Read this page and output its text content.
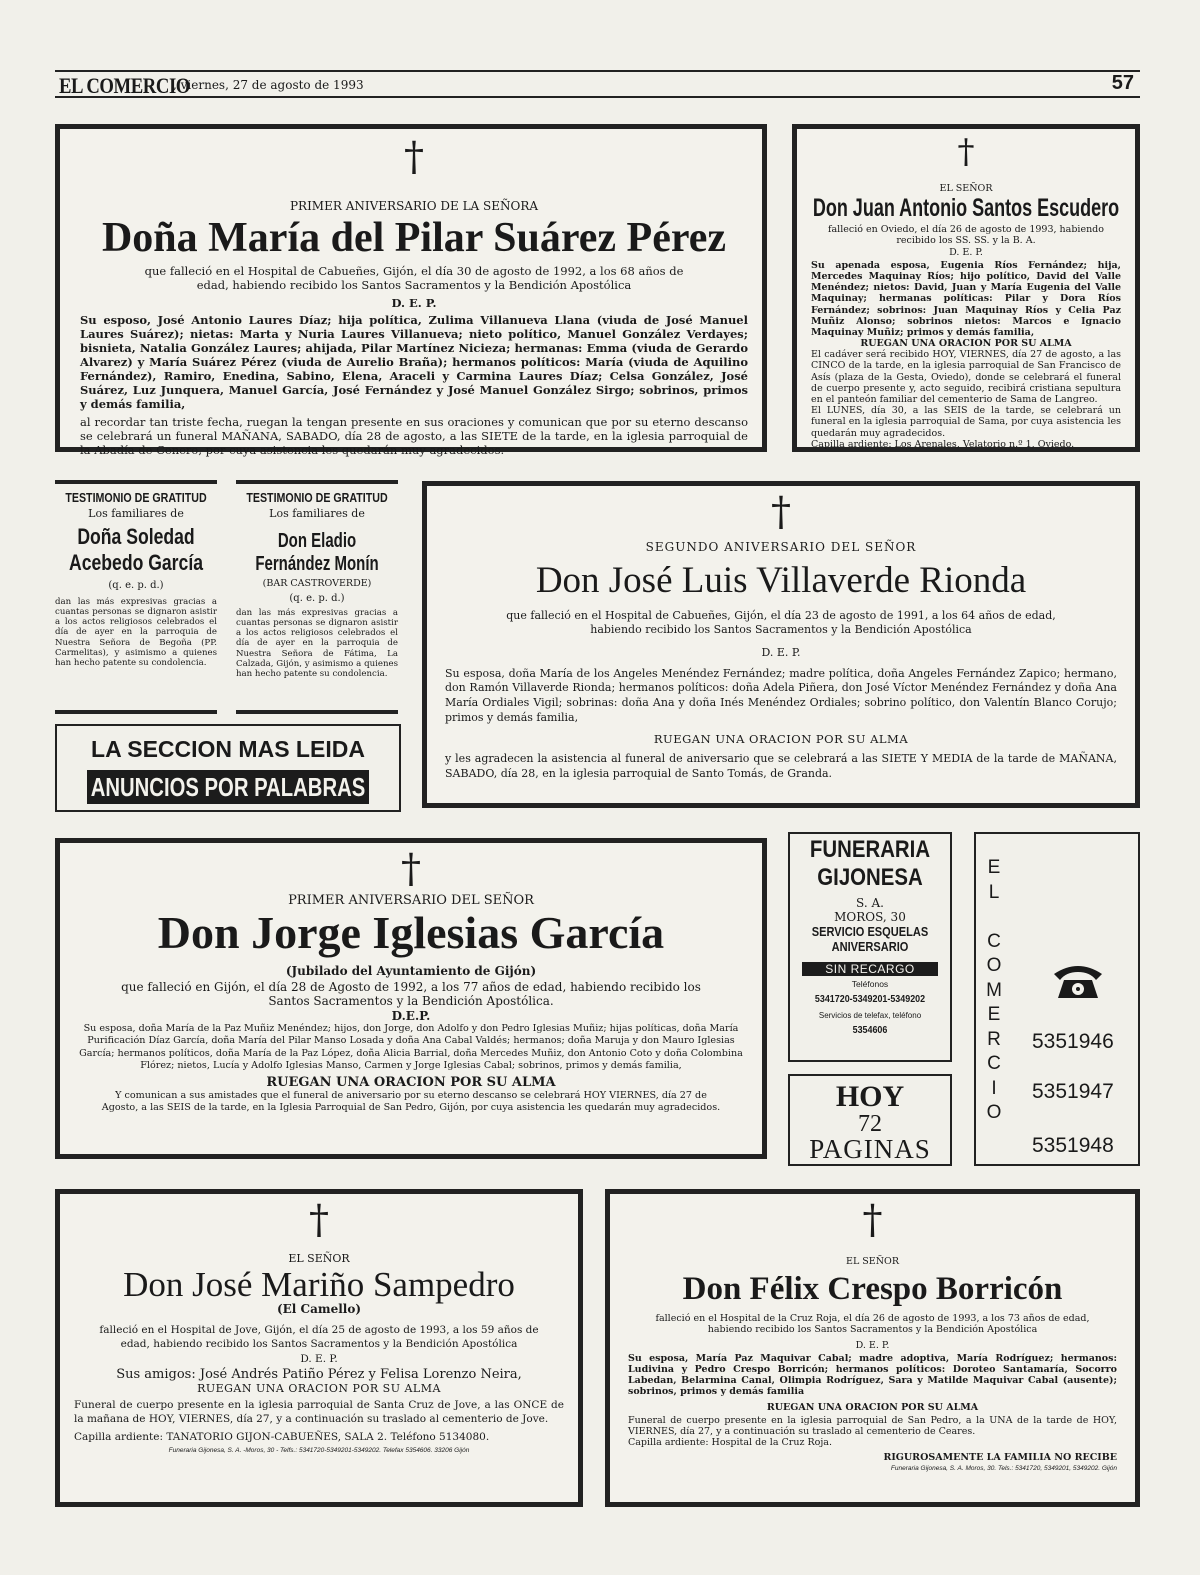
EL COMERCIO
, viernes, 27 de agosto de 1993	57
†
PRIMER ANIVERSARIO DE LA SEÑORA
Doña María del Pilar Suárez Pérez
que falleció en el Hospital de Cabueñes, Gijón, el día 30 de agosto de 1992, a los 68 años de edad, habiendo recibido los Santos Sacramentos y la Bendición Apostólica
D. E. P.
Su esposo, José Antonio Laures Díaz; hija política, Zulima Villanueva Llana (viuda de José Manuel Laures Suárez); nietas: Marta y Nuria Laures Villanueva; nieto político, Manuel González Verdayes; bisnieta, Natalia González Laures; ahijada, Pilar Martínez Nicieza; hermanas: Emma (viuda de Gerardo Alvarez) y María Suárez Pérez (viuda de Aurelio Braña); hermanos políticos: María (viuda de Aquilino Fernández), Ramiro, Enedina, Sabino, Elena, Araceli y Carmina Laures Díaz; Celsa González, José Suárez, Luz Junquera, Manuel García, José Fernández y José Manuel González Sirgo; sobrinos, primos y demás familia,
al recordar tan triste fecha, ruegan la tengan presente en sus oraciones y comunican que por su eterno descanso se celebrará un funeral MAÑANA, SABADO, día 28 de agosto, a las SIETE de la tarde, en la iglesia parroquial de la Abadía de Cenero, por cuya asistencia les quedarán muy agradecidos.
†
EL SEÑOR
Don Juan Antonio Santos Escudero
falleció en Oviedo, el día 26 de agosto de 1993, habiendo recibido los SS. SS. y la B. A.
D. E. P.
Su apenada esposa, Eugenia Ríos Fernández; hija, Mercedes Maquinay Ríos; hijo político, David del Valle Menéndez; nietos: David, Juan y María Eugenia del Valle Maquinay; hermanas políticas: Pilar y Dora Ríos Fernández; sobrinos: Juan Maquinay Ríos y Celia Paz Muñiz Alonso; sobrinos nietos: Marcos e Ignacio Maquinay Muñiz; primos y demás familia,
RUEGAN UNA ORACION POR SU ALMA
El cadáver será recibido HOY, VIERNES, día 27 de agosto, a las CINCO de la tarde, en la iglesia parroquial de San Francisco de Asís (plaza de la Gesta, Oviedo), donde se celebrará el funeral de cuerpo presente y, acto seguido, recibirá cristiana sepultura en el panteón familiar del cementerio de Sama de Langreo.
El LUNES, día 30, a las SEIS de la tarde, se celebrará un funeral en la iglesia parroquial de Sama, por cuya asistencia les quedarán muy agradecidos.
Capilla ardiente: Los Arenales, Velatorio n.º 1, Oviedo.
TESTIMONIO DE GRATITUD
Los familiares de
Doña Soledad
Acebedo García
(q. e. p. d.)
dan las más expresivas gracias a cuantas personas se dignaron asistir a los actos religiosos celebrados el día de ayer en la parroquia de Nuestra Señora de Begoña (PP. Carmelitas), y asimismo a quienes han hecho patente su condolencia.
TESTIMONIO DE GRATITUD
Los familiares de
Don Eladio
Fernández Monín
(BAR CASTROVERDE)
(q. e. p. d.)
dan las más expresivas gracias a cuantas personas se dignaron asistir a los actos religiosos celebrados el día de ayer en la parroquia de Nuestra Señora de Fátima, La Calzada, Gijón, y asimismo a quienes han hecho patente su condolencia.
LA SECCION MAS LEIDA
ANUNCIOS POR PALABRAS
†
SEGUNDO ANIVERSARIO DEL SEÑOR
Don José Luis Villaverde Rionda
que falleció en el Hospital de Cabueñes, Gijón, el día 23 de agosto de 1991, a los 64 años de edad, habiendo recibido los Santos Sacramentos y la Bendición Apostólica
D. E. P.
Su esposa, doña María de los Angeles Menéndez Fernández; madre política, doña Angeles Fernández Zapico; hermano, don Ramón Villaverde Rionda; hermanos políticos: doña Adela Piñera, don José Víctor Menéndez Fernández y doña Ana María Ordiales Vigil; sobrinas: doña Ana y doña Inés Menéndez Ordiales; sobrino político, don Valentín Blanco Corujo; primos y demás familia,
RUEGAN UNA ORACION POR SU ALMA
y les agradecen la asistencia al funeral de aniversario que se celebrará a las SIETE Y MEDIA de la tarde de MAÑANA, SABADO, día 28, en la iglesia parroquial de Santo Tomás, de Granda.
†
PRIMER ANIVERSARIO DEL SEÑOR
Don Jorge Iglesias García
(Jubilado del Ayuntamiento de Gijón)
que falleció en Gijón, el día 28 de Agosto de 1992, a los 77 años de edad, habiendo recibido los Santos Sacramentos y la Bendición Apostólica.
D.E.P.
Su esposa, doña María de la Paz Muñiz Menéndez; hijos, don Jorge, don Adolfo y don Pedro Iglesias Muñiz; hijas políticas, doña María Purificación Díaz García, doña María del Pilar Manso Losada y doña Ana Cabal Valdés; hermanos; doña Maruja y don Mauro Iglesias García; hermanos políticos, doña María de la Paz López, doña Alicia Barrial, doña Mercedes Muñiz, don Antonio Coto y doña Colombina Flórez; nietos, Lucía y Adolfo Iglesias Manso, Carmen y Jorge Iglesias Cabal; sobrinos, primos y demás familia,
RUEGAN UNA ORACION POR SU ALMA
Y comunican a sus amistades que el funeral de aniversario por su eterno descanso se celebrará HOY VIERNES, día 27 de Agosto, a las SEIS de la tarde, en la Iglesia Parroquial de San Pedro, Gijón, por cuya asistencia les quedarán muy agradecidos.
FUNERARIA
GIJONESA
S. A.
MOROS, 30
SERVICIO ESQUELAS
ANIVERSARIO
SIN RECARGO
Teléfonos
5341720-5349201-5349202
Servicios de telefax, teléfono
5354606
HOY
72
PAGINAS
E
L

C
O
M
E
R
C
I
O
5351946
5351947
5351948
†
EL SEÑOR
Don José Mariño Sampedro
(El Camello)
falleció en el Hospital de Jove, Gijón, el día 25 de agosto de 1993, a los 59 años de edad, habiendo recibido los Santos Sacramentos y la Bendición Apostólica
D. E. P.
Sus amigos: José Andrés Patiño Pérez y Felisa Lorenzo Neira,
RUEGAN UNA ORACION POR SU ALMA
Funeral de cuerpo presente en la iglesia parroquial de Santa Cruz de Jove, a las ONCE de la mañana de HOY, VIERNES, día 27, y a continuación su traslado al cementerio de Jove.
Capilla ardiente: TANATORIO GIJON-CABUEÑES, SALA 2. Teléfono 5134080.
Funeraria Gijonesa, S. A. -Moros, 30 - Telfs.: 5341720-5349201-5349202. Telefax 5354606. 33206 Gijón
†
EL SEÑOR
Don Félix Crespo Borricón
falleció en el Hospital de la Cruz Roja, el día 26 de agosto de 1993, a los 73 años de edad, habiendo recibido los Santos Sacramentos y la Bendición Apostólica
D. E. P.
Su esposa, María Paz Maquivar Cabal; madre adoptiva, María Rodríguez; hermanos: Ludivina y Pedro Crespo Borricón; hermanos políticos: Doroteo Santamaría, Socorro Labedan, Belarmina Canal, Olimpia Rodríguez, Sara y Matilde Maquivar Cabal (ausente); sobrinos, primos y demás familia
RUEGAN UNA ORACION POR SU ALMA
Funeral de cuerpo presente en la iglesia parroquial de San Pedro, a la UNA de la tarde de HOY, VIERNES, día 27, y a continuación su traslado al cementerio de Ceares.
Capilla ardiente: Hospital de la Cruz Roja.
RIGUROSAMENTE LA FAMILIA NO RECIBE
Funeraria Gijonesa, S. A. Moros, 30. Tels.: 5341720, 5349201, 5349202. Gijón
